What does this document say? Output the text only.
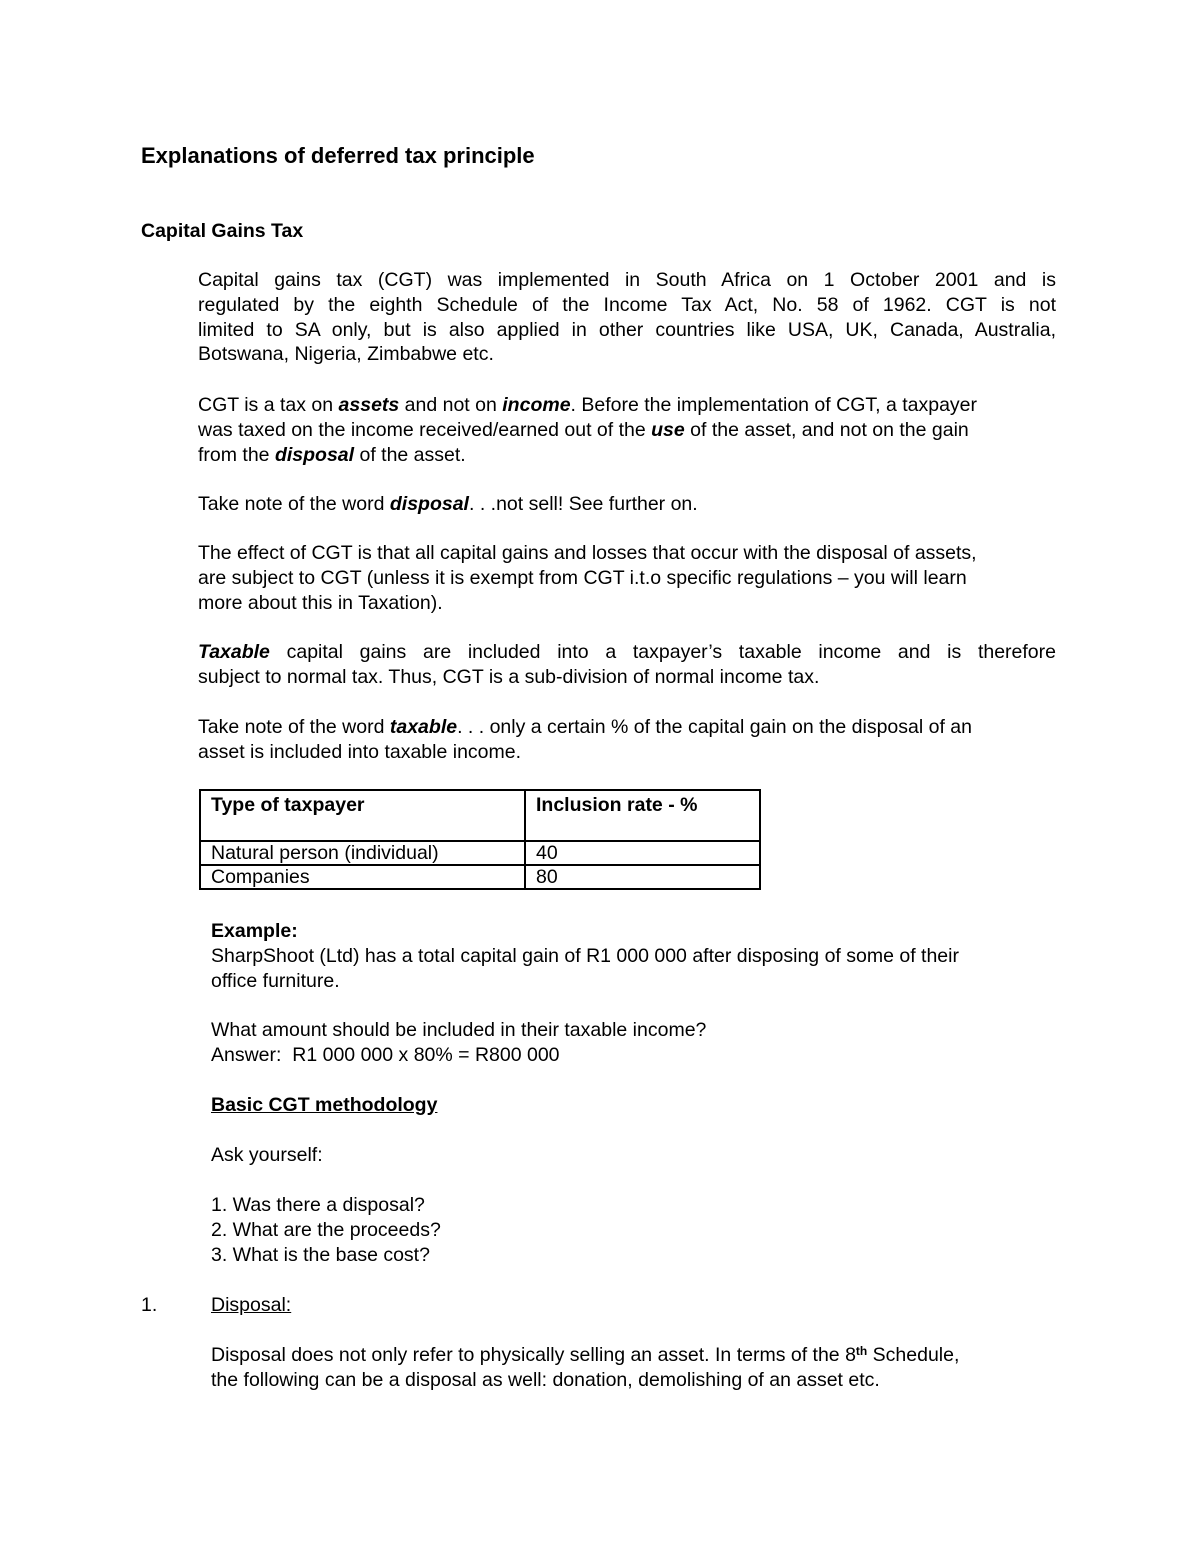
Explanations of deferred tax principle
Capital Gains Tax
Capital gains tax (CGT) was implemented in South Africa on 1 October 2001 and is
regulated by the eighth Schedule of the Income Tax Act, No. 58 of 1962. CGT is not
limited to SA only, but is also applied in other countries like USA, UK, Canada, Australia,
Botswana, Nigeria, Zimbabwe etc.
CGT is a tax on assets and not on income. Before the implementation of CGT, a taxpayer
was taxed on the income received/earned out of the use of the asset, and not on the gain
from the disposal of the asset.
Take note of the word disposal. . .not sell! See further on.
The effect of CGT is that all capital gains and losses that occur with the disposal of assets,
are subject to CGT (unless it is exempt from CGT i.t.o specific regulations – you will learn
more about this in Taxation).
Taxable capital gains are included into a taxpayer’s taxable income and is therefore
subject to normal tax. Thus, CGT is a sub-division of normal income tax.
Take note of the word taxable. . . only a certain % of the capital gain on the disposal of an
asset is included into taxable income.
Type of taxpayer	Inclusion rate - %
Natural person (individual)	40
Companies	80
Example:
SharpShoot (Ltd) has a total capital gain of R1 000 000 after disposing of some of their
office furniture.
What amount should be included in their taxable income?
Answer:  R1 000 000 x 80% = R800 000
Basic CGT methodology
Ask yourself:
1. Was there a disposal?
2. What are the proceeds?
3. What is the base cost?
1.	Disposal:
Disposal does not only refer to physically selling an asset. In terms of the 8th Schedule,
the following can be a disposal as well: donation, demolishing of an asset etc.
